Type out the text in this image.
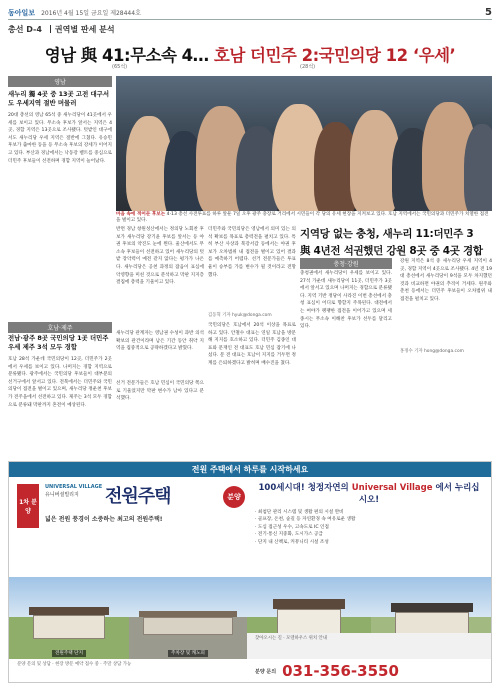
동아일보 2016년 4월 15일 금요일 제28444호	5
총선 D-4 권역별 판세 분석
영남 與 41:무소속 4… 호남 더민주 2:국민의당 12 ‘우세’
(65석)	(28석)
영남
새누리 獨 4곳 중 13곳 고전 대구서도 우세지역 절반 머물러
20대 총선의 영남 65석 중 새누리당이 41곳에서 우세를 보이고 있다. 무소속 후보가 앞서는 지역은 4곳, 경합 지역은 13곳으로 조사됐다. 텃밭인 대구에서도 새누리당 우세 지역은 절반에 그쳤다. 유승민 후보가 출마한 동을 등 무소속 후보의 강세가 이어지고 있다. 부산과 경남에서는 낙동강 벨트를 중심으로 더민주 후보들이 선전하며 경합 지역이 늘어났다.
마음 속에 적어둔 후보는 4·13 총선 사전투표를 하루 앞둔 7일 오후 광주 충장로 거리에서 시민들이 각 당의 유세 현장을 지켜보고 있다. 호남 지역에서는 국민의당과 더민주가 치열한 접전을 벌이고 있다.
반면 경남 창원성산에서는 정의당 노회찬 후보가 새누리당 강기윤 후보를 앞서는 등 야권 후보의 약진도 눈에 띈다. 울산에서도 무소속 후보들이 선전하고 있어 새누리당의 텃밭 장악력이 예전 같지 않다는 평가가 나온다. 새누리당은 공천 과정의 잡음이 표심에 악영향을 미친 것으로 분석하고 막판 지지층 결집에 총력을 기울이고 있다.
더민주와 국민의당은 영남에서 의미 있는 의석 확보를 목표로 총력전을 펼치고 있다. 특히 부산 사상과 북강서갑 등에서는 야권 후보가 오차범위 내 접전을 벌이고 있어 결과를 예측하기 어렵다. 선거 전문가들은 투표율이 승부를 가를 변수가 될 것이라고 전망했다.
새누리당 관계자는 영남권 수성이 과반 의석 확보의 관건이라며 남은 기간 동안 취약 지역을 집중적으로 공략하겠다고 밝혔다.
김동혁 기자 hyuk@donga.com
지역당 없는 충청, 새누리 11:더민주 3
與 4년전 석권했던 강원 8곳 중 4곳 경합
충청·강원
충청권에서 새누리당이 우세를 보이고 있다. 27석 가운데 새누리당이 11곳, 더민주가 3곳에서 앞서고 있으며 나머지는 경합으로 분류됐다. 지역 기반 정당이 사라진 이번 총선에서 충청 표심이 어디로 향할지 주목된다. 대전에서는 여야가 팽팽한 접전을 이어가고 있으며 세종시는 무소속 이해찬 후보가 선두를 달리고 있다.
강원 지역은 8석 중 새누리당 우세 지역이 4곳, 경합 지역이 4곳으로 조사됐다. 4년 전 19대 총선에서 새누리당이 9석을 모두 차지했던 것과 비교하면 야권의 추격이 거세다. 원주와 춘천 등에서는 더민주 후보들이 오차범위 내 접전을 펼치고 있다.
홍정수 기자 hong@donga.com
호남·제주
전남·광주 8곳 국민의당 1곳 더민주 우세 제주 3석 모두 경합
호남 28석 가운데 국민의당이 12곳, 더민주가 2곳에서 우세를 보이고 있다. 나머지는 경합 지역으로 분류됐다. 광주에서는 국민의당 후보들이 대부분의 선거구에서 앞서고 있다. 전북에서는 더민주와 국민의당이 접전을 벌이고 있으며, 새누리당 정운천 후보가 전주을에서 선전하고 있다. 제주는 3석 모두 경합으로 분류돼 막판까지 혼전이 예상된다.
국민의당은 호남에서 20석 이상을 목표로 하고 있다. 안철수 대표는 연일 호남을 방문해 지지를 호소하고 있다. 더민주 김종인 대표와 문재인 전 대표도 호남 민심 잡기에 나섰다. 문 전 대표는 호남이 지지를 거두면 정계를 은퇴하겠다고 밝히며 배수진을 쳤다.
선거 전문가들은 호남 민심이 국민의당 쪽으로 기울었지만 막판 변수가 남아 있다고 분석했다.
전원 주택에서 하루를 시작하세요
1차 분양
UNIVERSAL VILLAGE
유니버셜빌리지 전원주택	분양
넓은 전원 풍경이 소중하는 최고의 전원주택!
100세시대! 청정자연의 Universal Village 에서 누리십시오!
· 최첨단 관리 시스템 및 생활 편의 시설 완비
· 골프장, 온천, 숲길 등 자연환경 속 여유로운 생활
· 도심 접근성 우수, 고속도로 IC 인접
· 전기·통신 지중화, 도시가스 공급
· 단지 내 산책로, 커뮤니티 시설 조성
전원주택 단지	주차장 및 캐노피
찾아오시는 길 · 모델하우스 위치 안내
분양 문의 및 상담 · 현장 방문 예약 접수 중 · 주말 상담 가능
분양 문의 031-356-3550
